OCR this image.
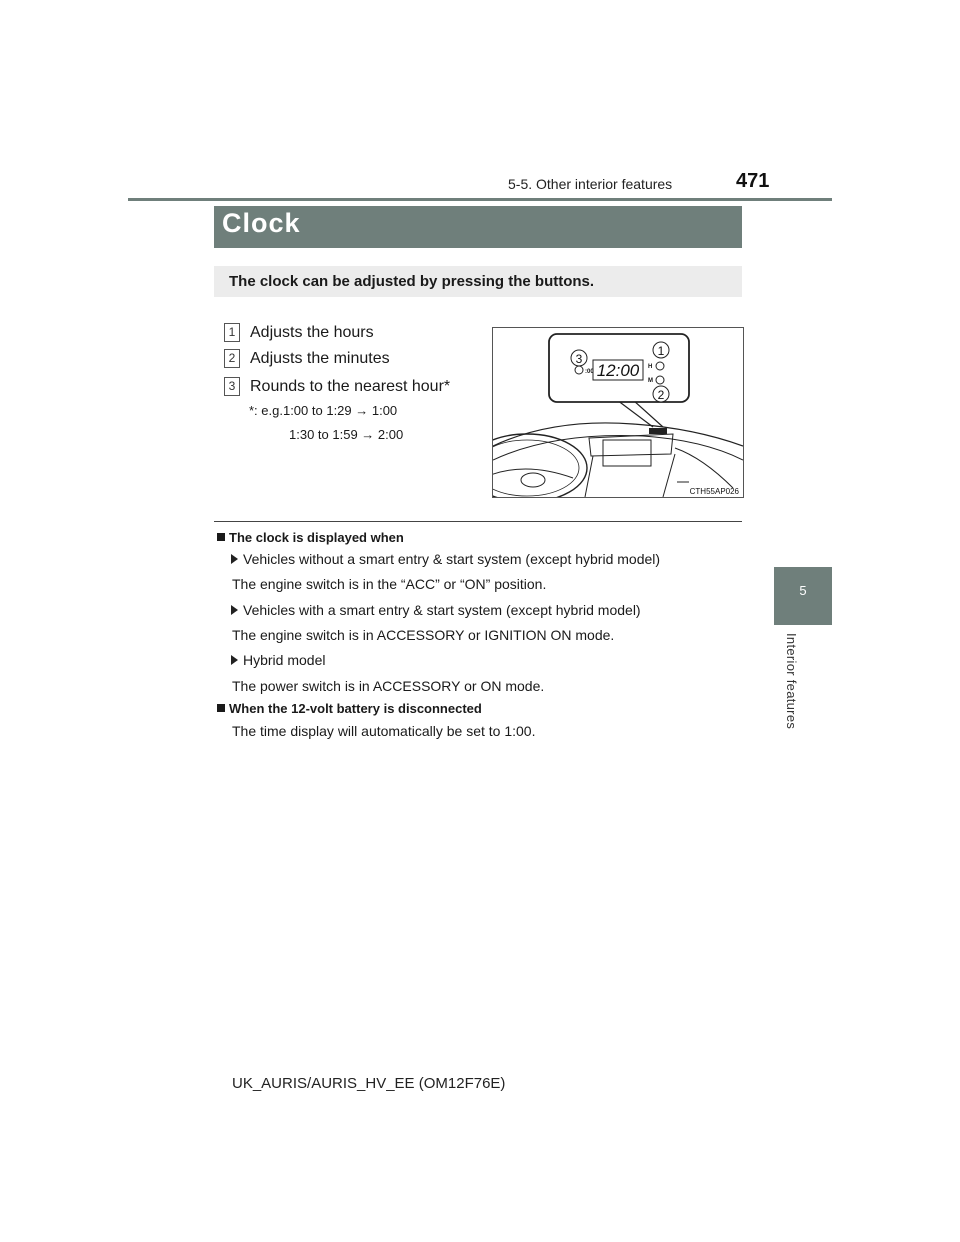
5-5. Other interior features	471
5
Interior features
Clock
The clock can be adjusted by pressing the buttons.
1 Adjusts the hours
2 Adjusts the minutes
3 Rounds to the nearest hour*
*: e.g.1:00 to 1:29 → 1:00
1:30 to 1:59 → 2:00
12:00
:00
H
M
3
1
2
CTH55AP026
The clock is displayed when
Vehicles without a smart entry & start system (except hybrid model)
The engine switch is in the “ACC” or “ON” position.
Vehicles with a smart entry & start system (except hybrid model)
The engine switch is in ACCESSORY or IGNITION ON mode.
Hybrid model
The power switch is in ACCESSORY or ON mode.
When the 12-volt battery is disconnected
The time display will automatically be set to 1:00.
UK_AURIS/AURIS_HV_EE (OM12F76E)
